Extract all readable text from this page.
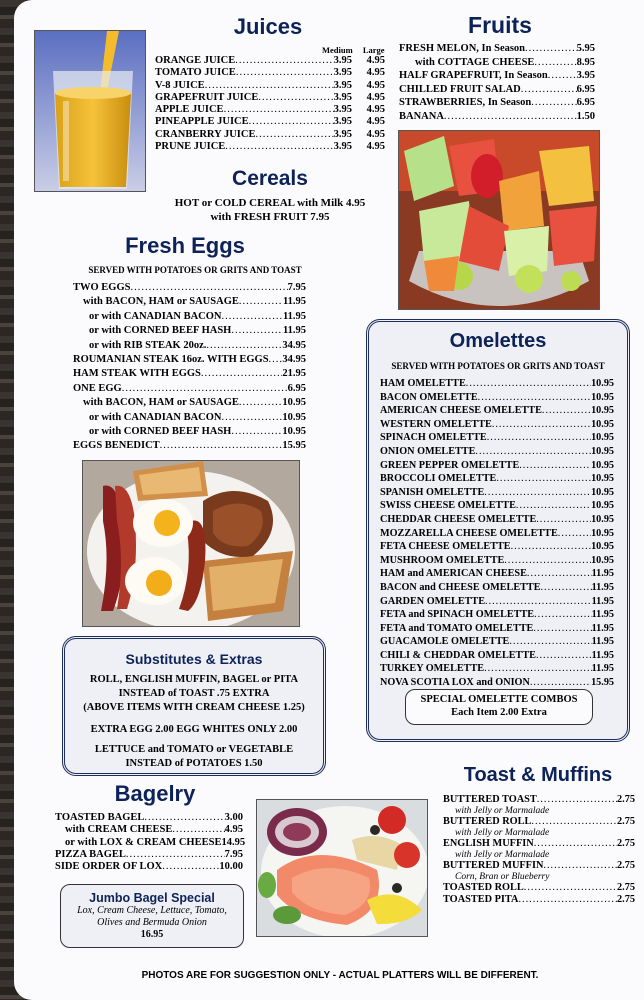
Juices
Medium Large
ORANGE JUICE .....	3.95	4.95
TOMATO JUICE .....	3.95	4.95
V-8 JUICE .....	3.95	4.95
GRAPEFRUIT JUICE .....	3.95	4.95
APPLE JUICE .....	3.95	4.95
PINEAPPLE JUICE .....	3.95	4.95
CRANBERRY JUICE .....	3.95	4.95
PRUNE JUICE .....	3.95	4.95
Fruits
FRESH MELON, In Season .....	5.95
with COTTAGE CHEESE .....	8.95
HALF GRAPEFRUIT, In Season .....	3.95
CHILLED FRUIT SALAD .....	6.95
STRAWBERRIES, In Season .....	6.95
BANANA .....	1.50
Cereals
HOT or COLD CEREAL with Milk 4.95
with FRESH FRUIT 7.95
Fresh Eggs
SERVED WITH POTATOES OR GRITS AND TOAST
TWO EGGS .....	7.95
with BACON, HAM or SAUSAGE .....	11.95
or with CANADIAN BACON .....	11.95
or with CORNED BEEF HASH .....	11.95
or with RIB STEAK 20oz. .....	34.95
ROUMANIAN STEAK 16oz. WITH EGGS ..... 34.95
HAM STEAK WITH EGGS .....	21.95
ONE EGG .....	6.95
with BACON, HAM or SAUSAGE .....	10.95
or with CANADIAN BACON .....	10.95
or with CORNED BEEF HASH .....	10.95
EGGS BENEDICT .....	15.95
Omelettes
SERVED WITH POTATOES OR GRITS AND TOAST
HAM OMELETTE .....	10.95
BACON OMELETTE .....	10.95
AMERICAN CHEESE OMELETTE .....	10.95
WESTERN OMELETTE .....	10.95
SPINACH OMELETTE .....	10.95
ONION OMELETTE .....	10.95
GREEN PEPPER OMELETTE .....	10.95
BROCCOLI OMELETTE .....	10.95
SPANISH OMELETTE .....	10.95
SWISS CHEESE OMELETTE .....	10.95
CHEDDAR CHEESE OMELETTE .....	10.95
MOZZARELLA CHEESE OMELETTE .....	10.95
FETA CHEESE OMELETTE .....	10.95
MUSHROOM OMELETTE .....	10.95
HAM and AMERICAN CHEESE .....	11.95
BACON and CHEESE OMELETTE .....	11.95
GARDEN OMELETTE .....	11.95
FETA and SPINACH OMELETTE .....	11.95
FETA and TOMATO OMELETTE .....	11.95
GUACAMOLE OMELETTE .....	11.95
CHILI & CHEDDAR OMELETTE .....	11.95
TURKEY OMELETTE .....	11.95
NOVA SCOTIA LOX and ONION .....	15.95
SPECIAL OMELETTE COMBOS
Each Item 2.00 Extra
Substitutes & Extras
ROLL, ENGLISH MUFFIN, BAGEL or PITA
INSTEAD of TOAST .75 EXTRA
(ABOVE ITEMS WITH CREAM CHEESE 1.25)
EXTRA EGG 2.00 EGG WHITES ONLY 2.00
LETTUCE and TOMATO or VEGETABLE
INSTEAD of POTATOES 1.50
Bagelry
TOASTED BAGEL .....	3.00
with CREAM CHEESE .....	4.95
or with LOX & CREAM CHEESE 14.95
PIZZA BAGEL .....	7.95
SIDE ORDER OF LOX .....	10.00
Jumbo Bagel Special
Lox, Cream Cheese, Lettuce, Tomato,
Olives and Bermuda Onion
16.95
Toast & Muffins
BUTTERED TOAST .....	2.75
with Jelly or Marmalade
BUTTERED ROLL .....	2.75
with Jelly or Marmalade
ENGLISH MUFFIN .....	2.75
with Jelly or Marmalade
BUTTERED MUFFIN .....	2.75
Corn, Bran or Blueberry
TOASTED ROLL .....	2.75
TOASTED PITA .....	2.75
PHOTOS ARE FOR SUGGESTION ONLY - ACTUAL PLATTERS WILL BE DIFFERENT.
